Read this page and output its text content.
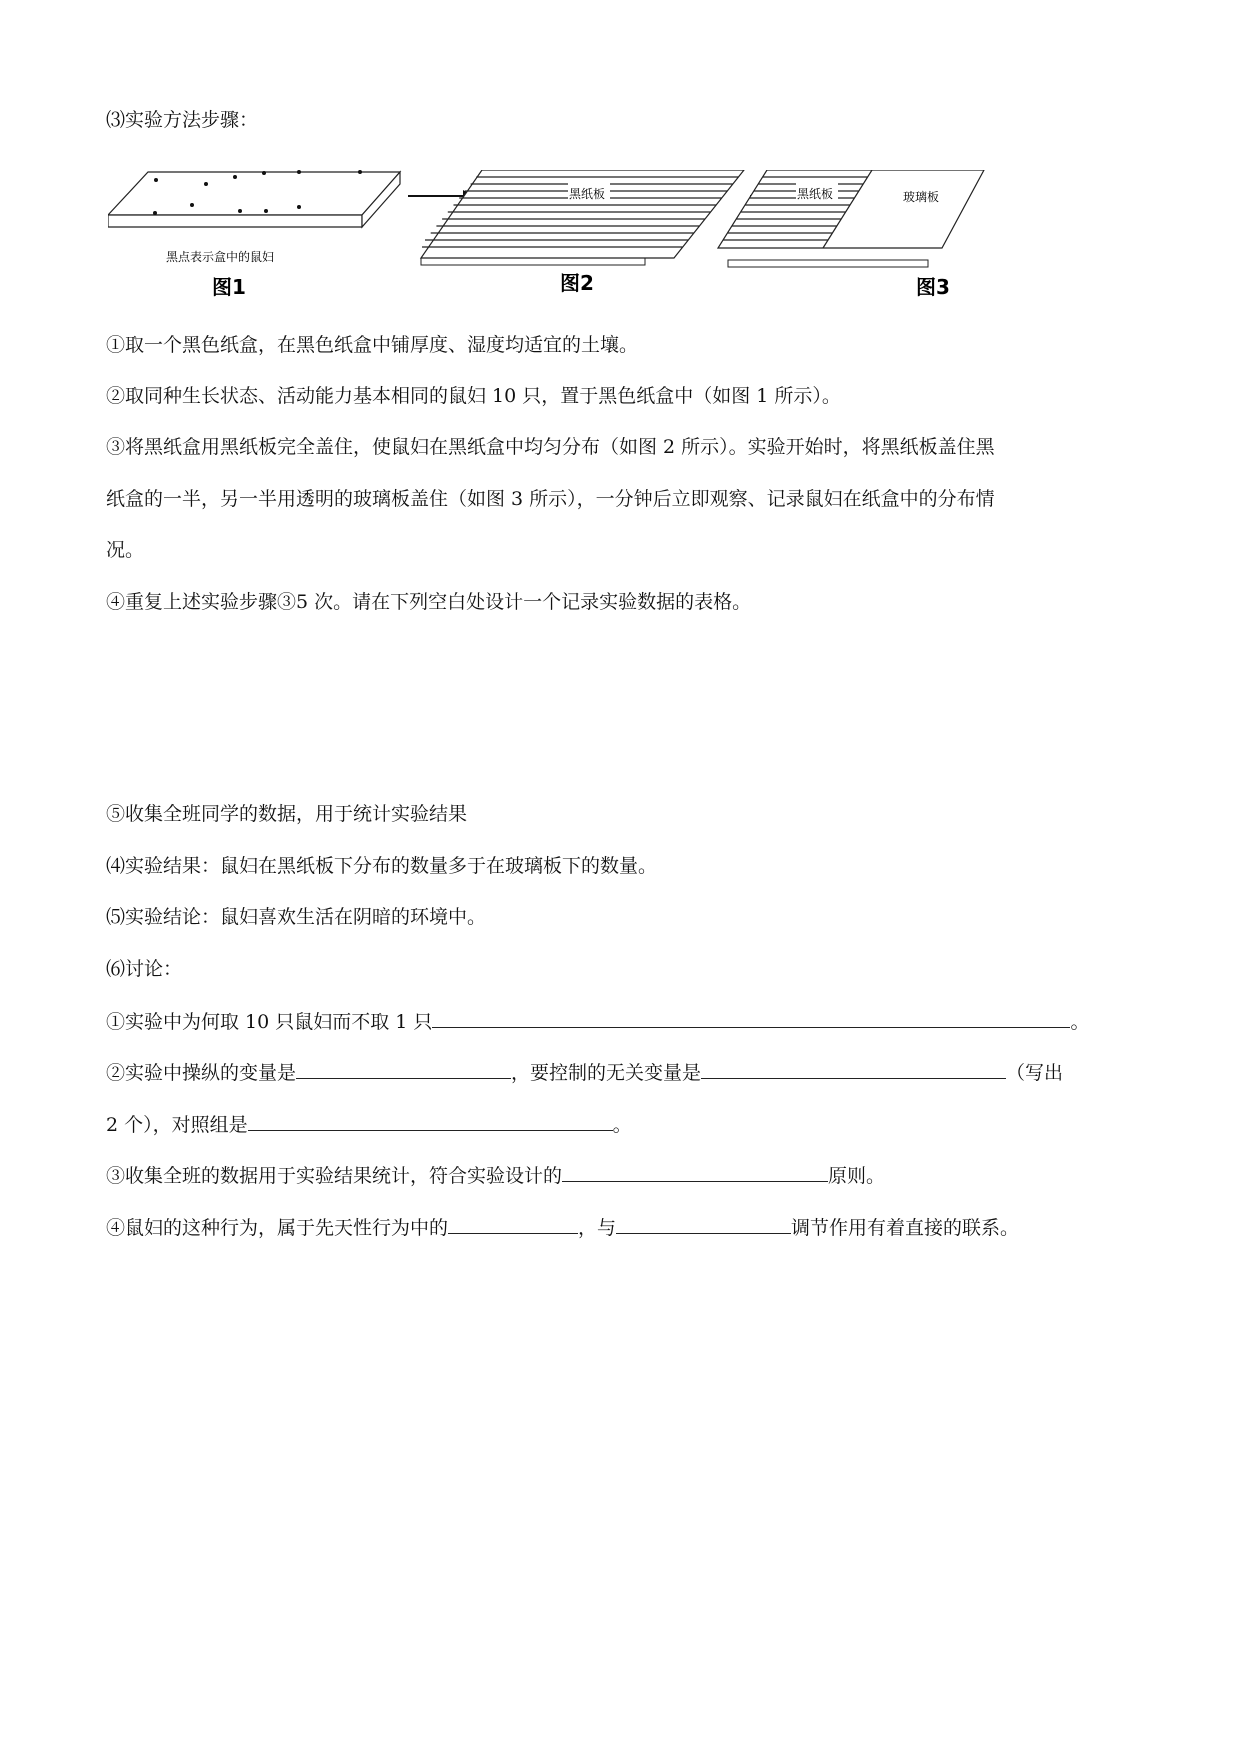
⑶实验方法步骤：
黑点表示盒中的鼠妇
图1
黑纸板
图2
黑纸板	玻璃板
图3
①取一个黑色纸盒，在黑色纸盒中铺厚度、湿度均适宜的土壤。
②取同种生长状态、活动能力基本相同的鼠妇 10 只，置于黑色纸盒中（如图 1 所示）。
③将黑纸盒用黑纸板完全盖住，使鼠妇在黑纸盒中均匀分布（如图 2 所示）。实验开始时，将黑纸板盖住黑
纸盒的一半，另一半用透明的玻璃板盖住（如图 3 所示），一分钟后立即观察、记录鼠妇在纸盒中的分布情
况。
④重复上述实验步骤③5 次。请在下列空白处设计一个记录实验数据的表格。
⑤收集全班同学的数据，用于统计实验结果
⑷实验结果：鼠妇在黑纸板下分布的数量多于在玻璃板下的数量。
⑸实验结论：鼠妇喜欢生活在阴暗的环境中。
⑹讨论：
①实验中为何取 10 只鼠妇而不取 1 只	。
②实验中操纵的变量是	，要控制的无关变量是	（写出
2 个），对照组是	。
③收集全班的数据用于实验结果统计，符合实验设计的	原则。
④鼠妇的这种行为，属于先天性行为中的	，与	调节作用有着直接的联系。
